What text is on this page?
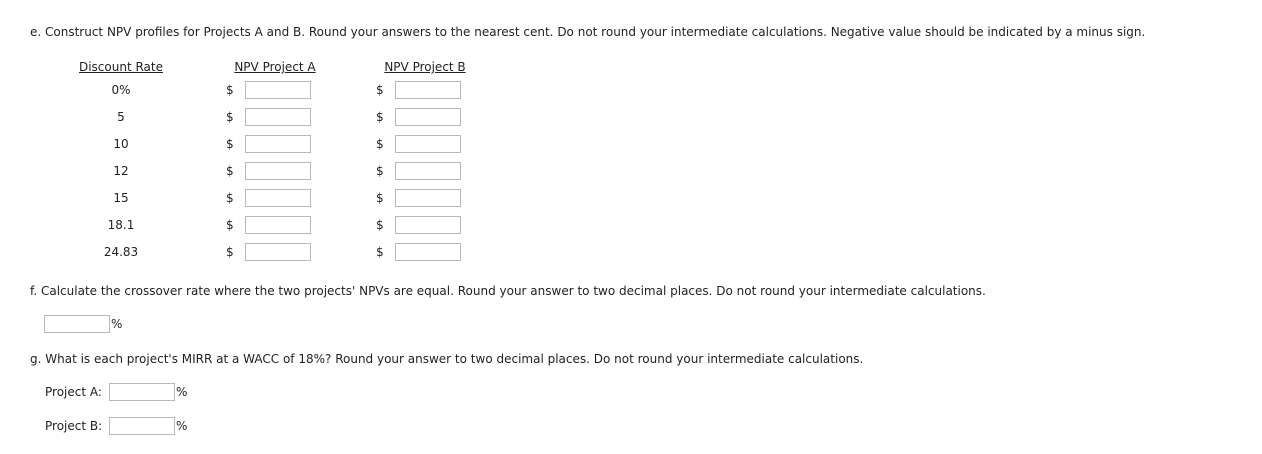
e. Construct NPV profiles for Projects A and B. Round your answers to the nearest cent. Do not round your intermediate calculations. Negative value should be indicated by a minus sign.
Discount Rate		NPV Project A		NPV Project B
0%		$		$

5		$		$

10		$		$

12		$		$

15		$		$

18.1		$		$

24.83		$		$
f. Calculate the crossover rate where the two projects' NPVs are equal. Round your answer to two decimal places. Do not round your intermediate calculations.
%
g. What is each project's MIRR at a WACC of 18%? Round your answer to two decimal places. Do not round your intermediate calculations.
Project A:	%
Project B:	%
